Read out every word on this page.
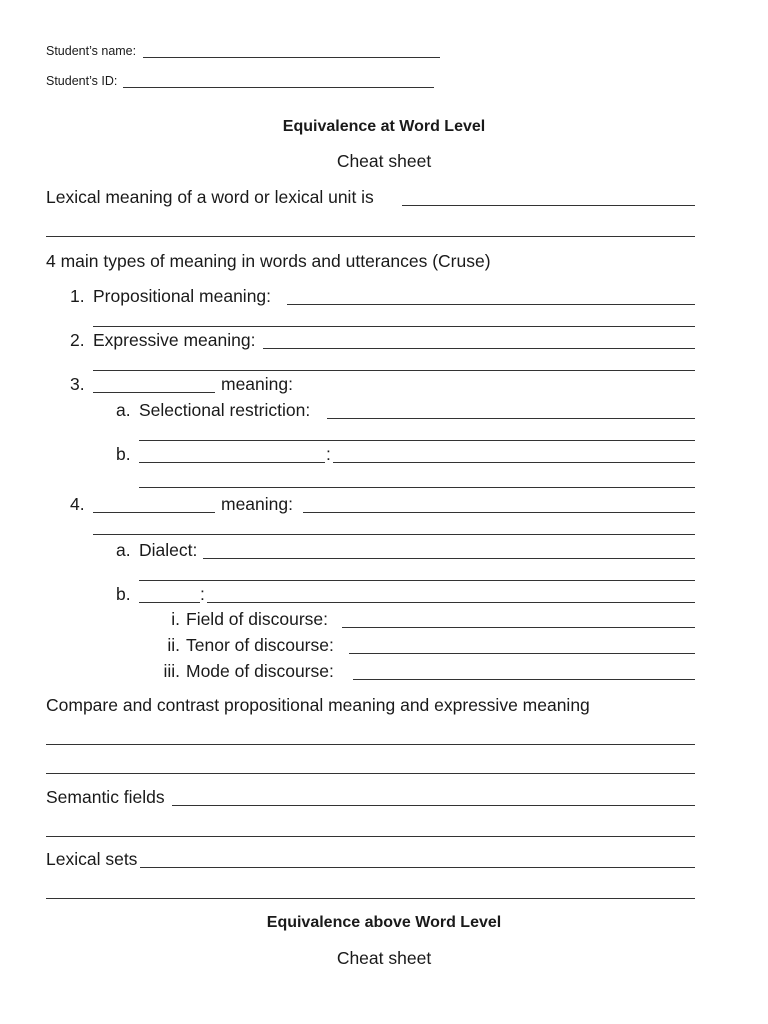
Student’s name:
Student’s ID:
Equivalence at Word Level
Cheat sheet
Lexical meaning of a word or lexical unit is
4 main types of meaning in words and utterances (Cruse)
1. Propositional meaning:
2. Expressive meaning:
3.	meaning:
a. Selectional restriction:
b.	:
4.	meaning:
a. Dialect:
b.	:
i. Field of discourse:
ii. Tenor of discourse:
iii. Mode of discourse:
Compare and contrast propositional meaning and expressive meaning
Semantic fields
Lexical sets
Equivalence above Word Level
Cheat sheet
